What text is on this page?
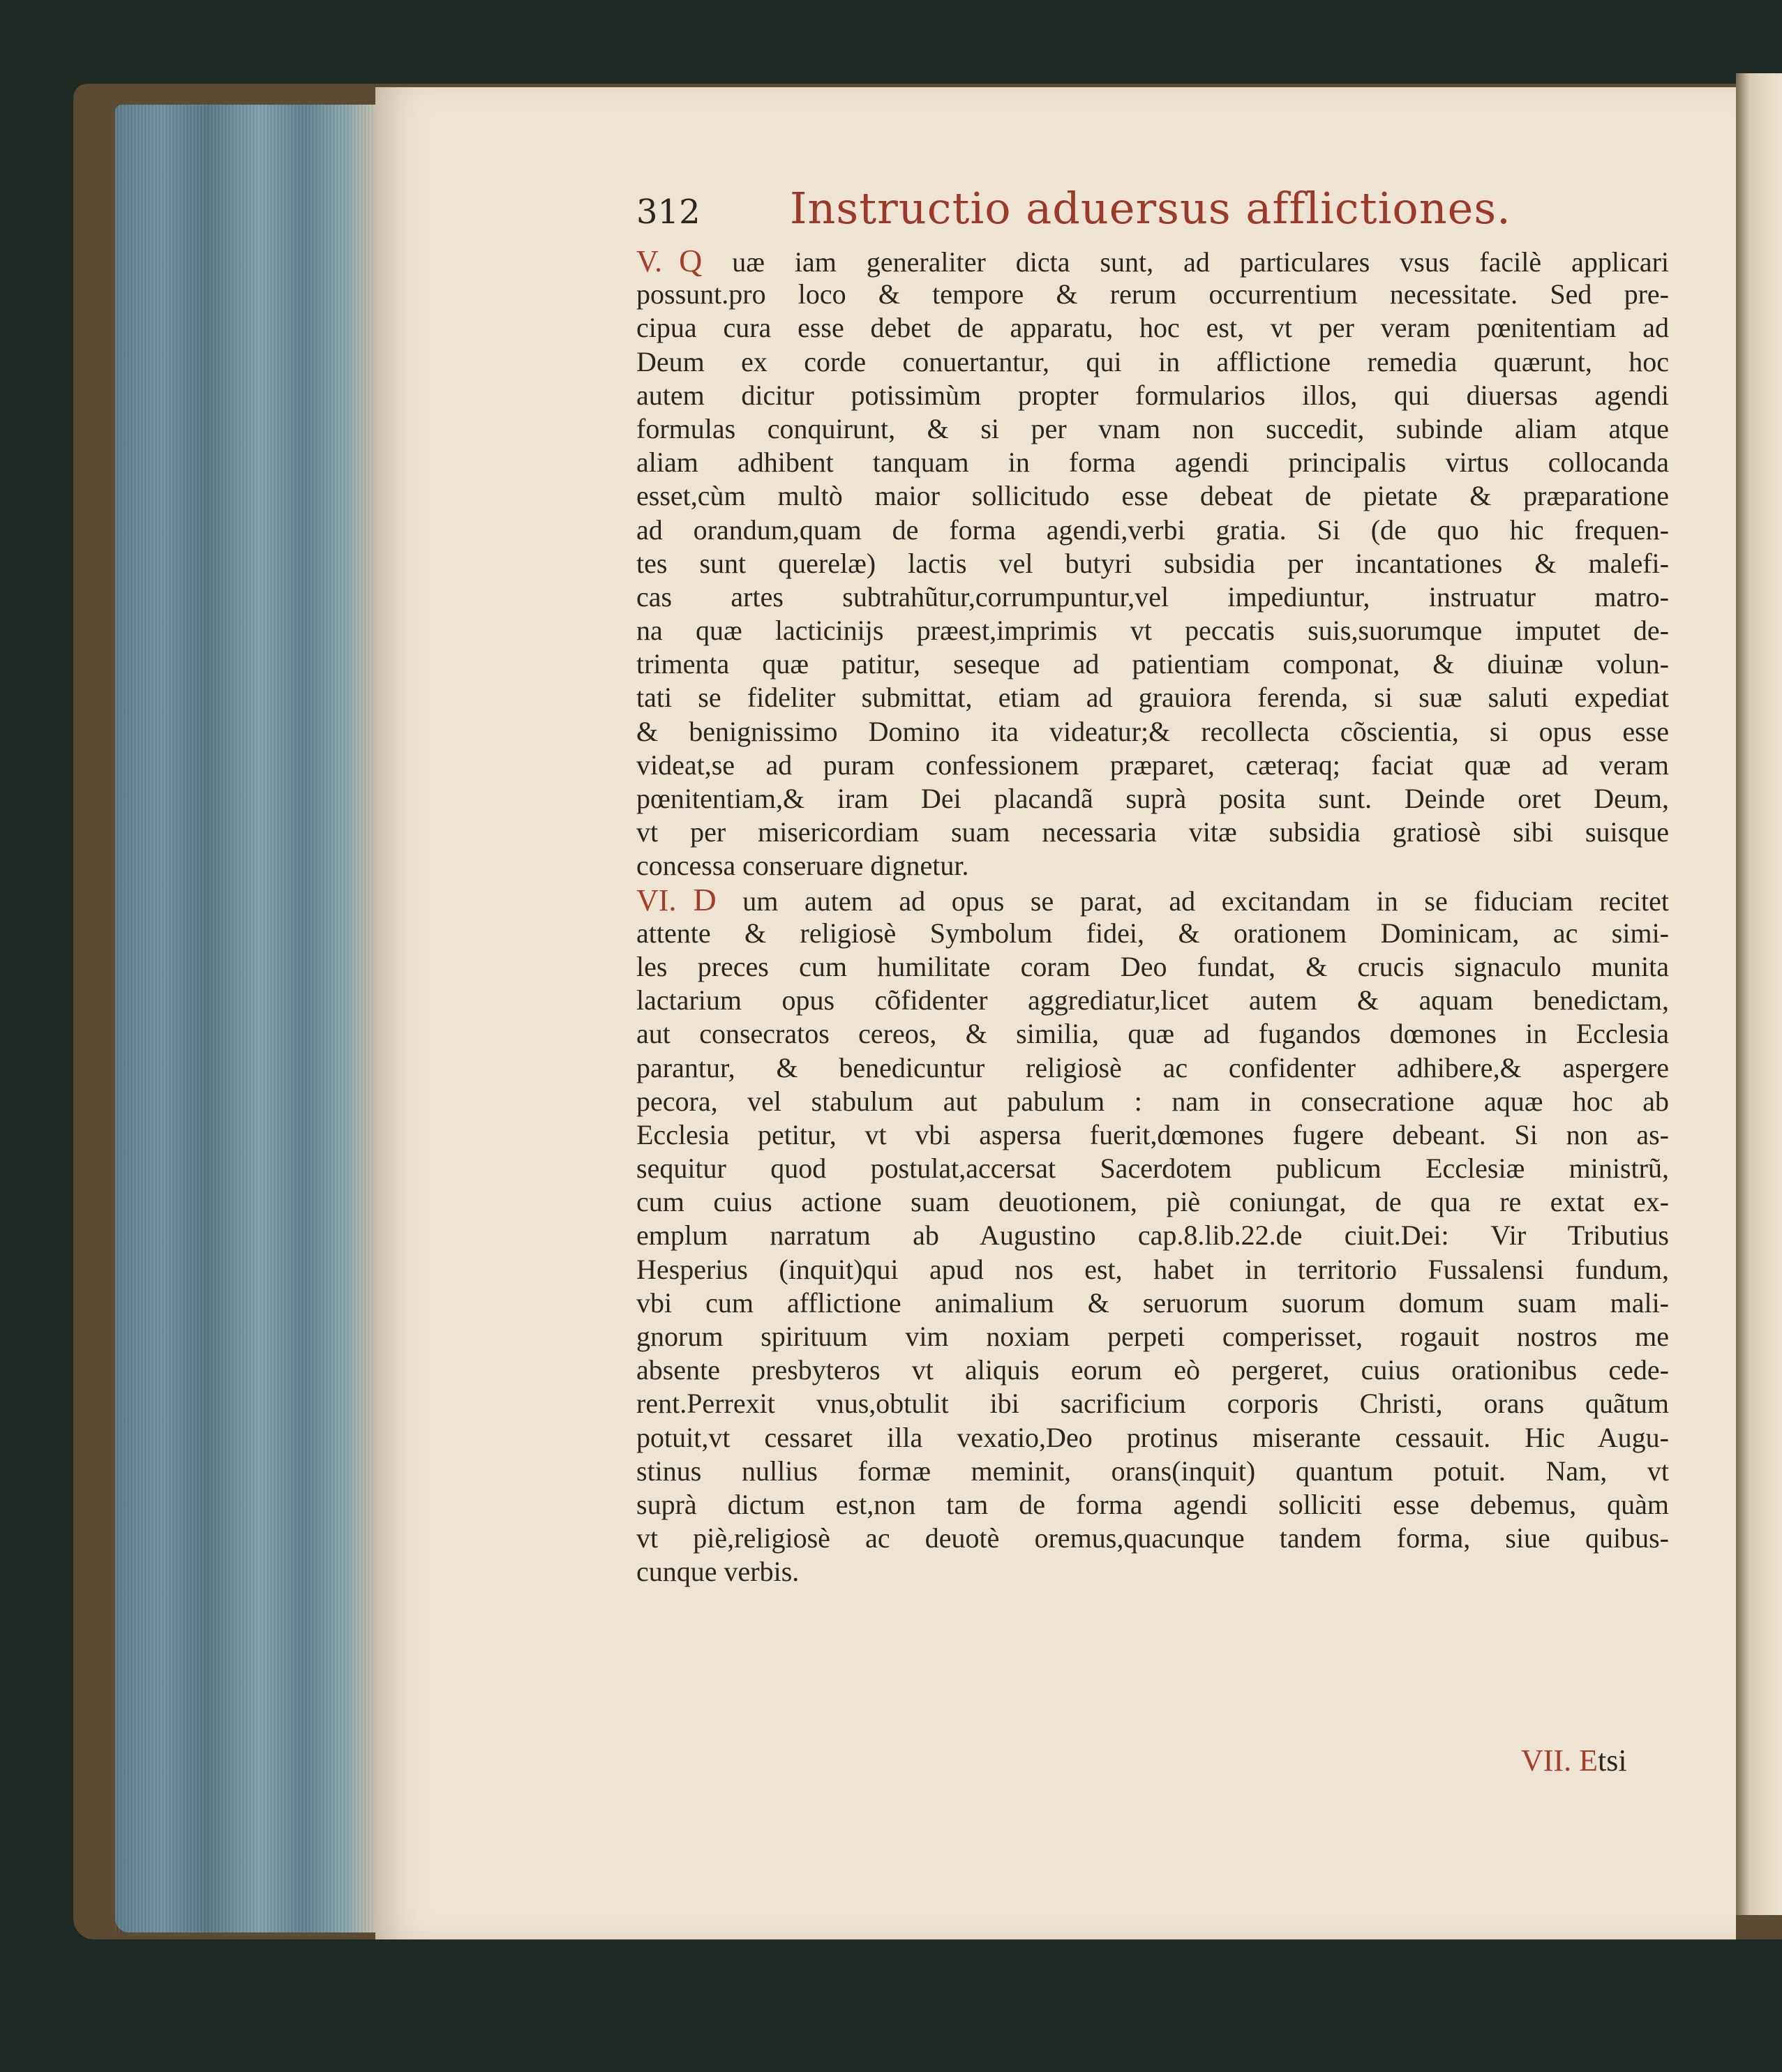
312	Instructio aduersus afflictiones.
V. Q uæ iam generaliter dicta sunt, ad particulares vsus facilè applicari
possunt.pro loco & tempore & rerum occurrentium necessitate. Sed pre-
cipua cura esse debet de apparatu, hoc est, vt per veram pœnitentiam ad
Deum ex corde conuertantur, qui in afflictione remedia quærunt, hoc
autem dicitur potissimùm propter formularios illos, qui diuersas agendi
formulas conquirunt, & si per vnam non succedit, subinde aliam atque
aliam adhibent tanquam in forma agendi principalis virtus collocanda
esset,cùm multò maior sollicitudo esse debeat de pietate & præparatione
ad orandum,quam de forma agendi,verbi gratia. Si (de quo hic frequen-
tes sunt querelæ) lactis vel butyri subsidia per incantationes & malefi-
cas artes subtrahũtur,corrumpuntur,vel impediuntur, instruatur matro-
na quæ lacticinijs præest,imprimis vt peccatis suis,suorumque imputet de-
trimenta quæ patitur, seseque ad patientiam componat, & diuinæ volun-
tati se fideliter submittat, etiam ad grauiora ferenda, si suæ saluti expediat
& benignissimo Domino ita videatur;& recollecta cõscientia, si opus esse
videat,se ad puram confessionem præparet, cæteraq; faciat quæ ad veram
pœnitentiam,& iram Dei placandã suprà posita sunt. Deinde oret Deum,
vt per misericordiam suam necessaria vitæ subsidia gratiosè sibi suisque
concessa conseruare dignetur.
VI. D um autem ad opus se parat, ad excitandam in se fiduciam recitet
attente & religiosè Symbolum fidei, & orationem Dominicam, ac simi-
les preces cum humilitate coram Deo fundat, & crucis signaculo munita
lactarium opus cõfidenter aggrediatur,licet autem & aquam benedictam,
aut consecratos cereos, & similia, quæ ad fugandos dœmones in Ecclesia
parantur, & benedicuntur religiosè ac confidenter adhibere,& aspergere
pecora, vel stabulum aut pabulum : nam in consecratione aquæ hoc ab
Ecclesia petitur, vt vbi aspersa fuerit,dœmones fugere debeant. Si non as-
sequitur quod postulat,accersat Sacerdotem publicum Ecclesiæ ministrũ,
cum cuius actione suam deuotionem, piè coniungat, de qua re extat ex-
emplum narratum ab Augustino cap.8.lib.22.de ciuit.Dei: Vir Tributius
Hesperius (inquit)qui apud nos est, habet in territorio Fussalensi fundum,
vbi cum afflictione animalium & seruorum suorum domum suam mali-
gnorum spirituum vim noxiam perpeti comperisset, rogauit nostros me
absente presbyteros vt aliquis eorum eò pergeret, cuius orationibus cede-
rent.Perrexit vnus,obtulit ibi sacrificium corporis Christi, orans quãtum
potuit,vt cessaret illa vexatio,Deo protinus miserante cessauit. Hic Augu-
stinus nullius formæ meminit, orans(inquit) quantum potuit. Nam, vt
suprà dictum est,non tam de forma agendi solliciti esse debemus, quàm
vt piè,religiosè ac deuotè oremus,quacunque tandem forma, siue quibus-
cunque verbis.
VII. Etsi
